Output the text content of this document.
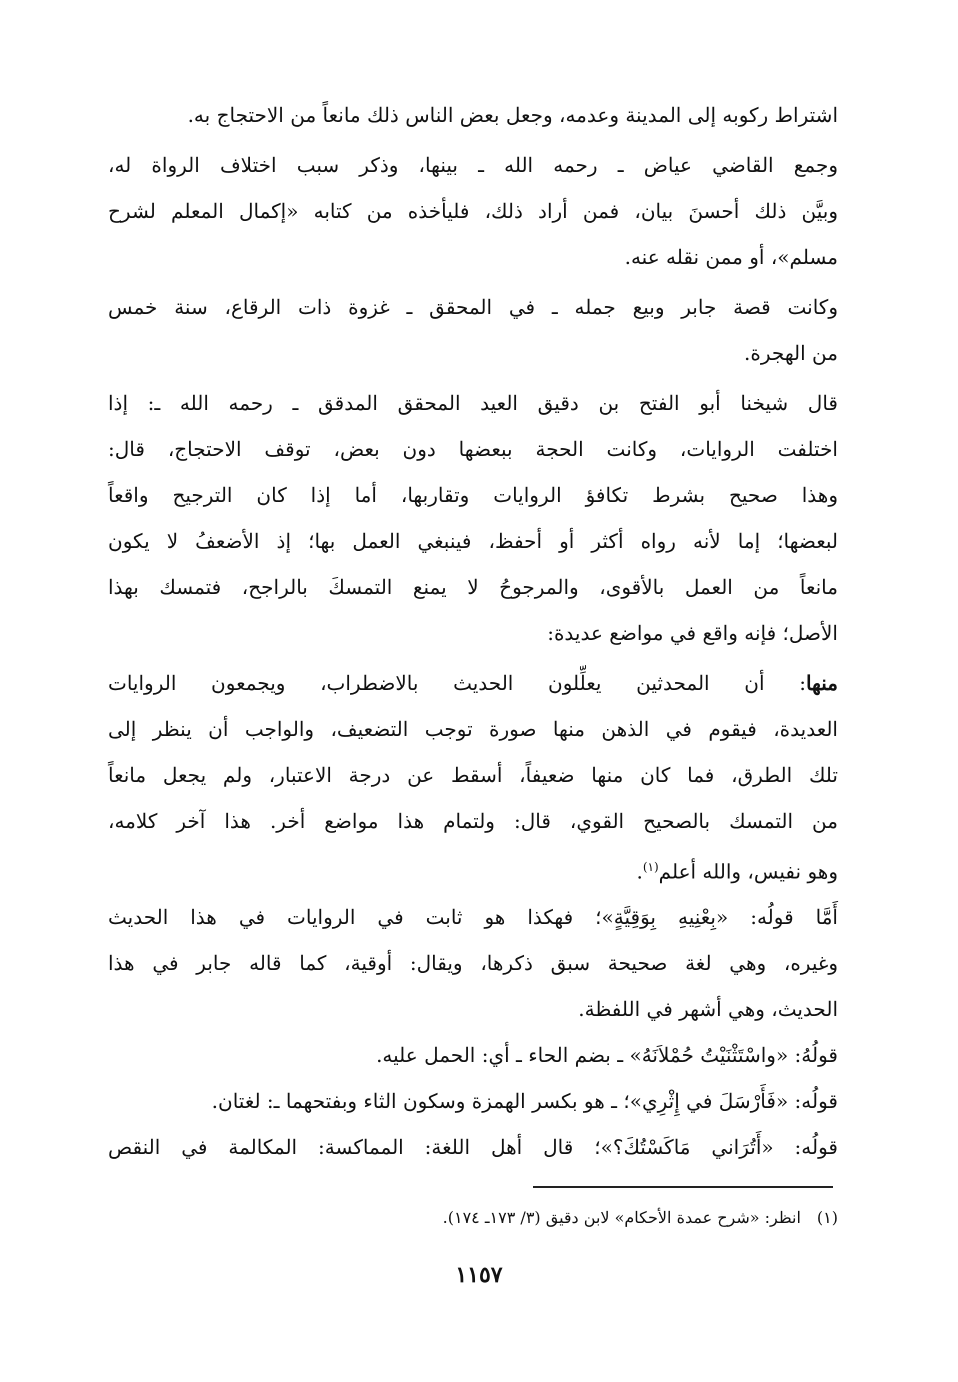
اشتراط ركوبه إلى المدينة وعدمه، وجعل بعض الناس ذلك مانعاً من الاحتجاج به.
وجمع القاضي عياض ـ رحمه الله ـ بينها، وذكر سبب اختلاف الرواة له،
وبيَّن ذلك أحسنَ بيان، فمن أراد ذلك، فليأخذه من كتابه «إكمال المعلم لشرح
مسلم»، أو ممن نقله عنه.
وكانت قصة جابر وبيع جمله ـ في المحقق ـ غزوة ذات الرقاع، سنة خمس
من الهجرة.
قال شيخنا أبو الفتح بن دقيق العيد المحقق المدقق ـ رحمه الله ـ: إذا
اختلفت الروايات، وكانت الحجة ببعضها دون بعض، توقف الاحتجاج، قال:
وهذا صحيح بشرط تكافؤ الروايات وتقاربها، أما إذا كان الترجيح واقعاً
لبعضها؛ إما لأنه رواه أكثر أو أحفظ، فينبغي العمل بها؛ إذ الأضعفُ لا يكون
مانعاً من العمل بالأقوى، والمرجوحُ لا يمنع التمسكَ بالراجح، فتمسك بهذا
الأصل؛ فإنه واقع في مواضع عديدة:
منها: أن المحدثين يعلِّلون الحديث بالاضطراب، ويجمعون الروايات
العديدة، فيقوم في الذهن منها صورة توجب التضعيف، والواجب أن ينظر إلى
تلك الطرق، فما كان منها ضعيفاً، أسقط عن درجة الاعتبار، ولم يجعل مانعاً
من التمسك بالصحيح القوي، قال: ولتمام هذا مواضع أخر. هذا آخر كلامه،
وهو نفيس، والله أعلم$^{(١)}$.
أَمَّا قولُه: «بِعْنِيهِ بِوَقِيَّةٍ»؛ فهكذا هو ثابت في الروايات في هذا الحديث
وغيره، وهي لغة صحيحة سبق ذكرها، ويقال: أوقية، كما قاله جابر في هذا
الحديث، وهي أشهر في اللفظة.
قولُهُ: «واسْتَثْنَيْتُ حُمْلاَنَهُ» ـ بضم الحاء ـ أي: الحمل عليه.
قولُه: «فَأَرْسَلَ في إِثْرِي»؛ ـ هو بكسر الهمزة وسكون الثاء وبفتحهما ـ: لغتان.
قولُه: «أَتُرَاني مَاكَسْتُكَ؟»؛ قال أهل اللغة: المماكسة: المكالمة في النقص
(١)انظر: «شرح عمدة الأحكام» لابن دقيق (٣/ ١٧٣ـ ١٧٤).
١١٥٧
